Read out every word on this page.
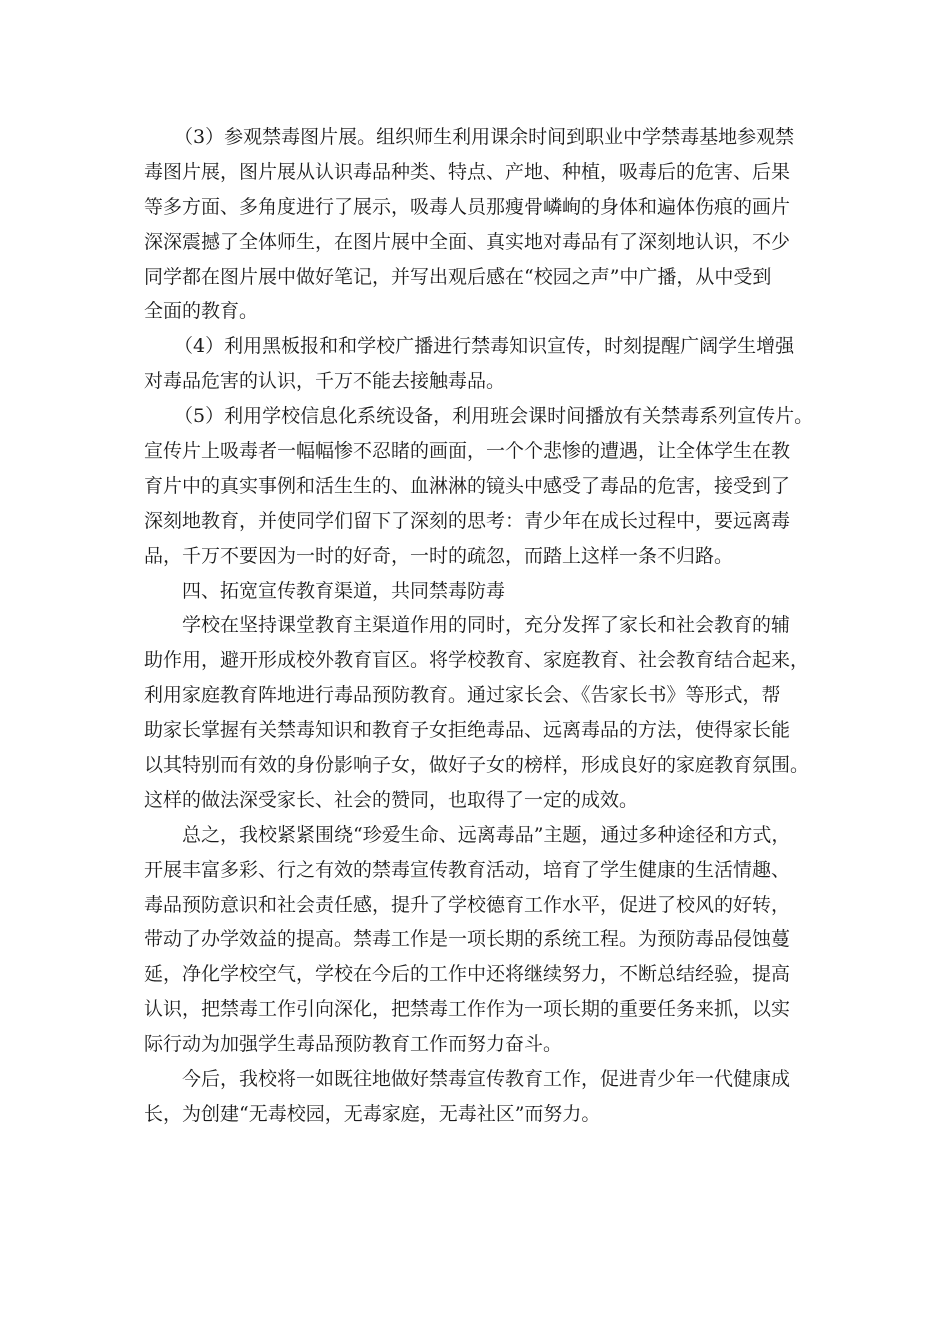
（3）参观禁毒图片展。组织师生利用课余时间到职业中学禁毒基地参观禁
毒图片展，图片展从认识毒品种类、特点、产地、种植，吸毒后的危害、后果
等多方面、多角度进行了展示，吸毒人员那瘦骨嶙峋的身体和遍体伤痕的画片
深深震撼了全体师生，在图片展中全面、真实地对毒品有了深刻地认识，不少
同学都在图片展中做好笔记，并写出观后感在“校园之声”中广播，从中受到
全面的教育。
（4）利用黑板报和和学校广播进行禁毒知识宣传，时刻提醒广阔学生增强
对毒品危害的认识，千万不能去接触毒品。
（5）利用学校信息化系统设备，利用班会课时间播放有关禁毒系列宣传片。
宣传片上吸毒者一幅幅惨不忍睹的画面，一个个悲惨的遭遇，让全体学生在教
育片中的真实事例和活生生的、血淋淋的镜头中感受了毒品的危害，接受到了
深刻地教育，并使同学们留下了深刻的思考：青少年在成长过程中，要远离毒
品，千万不要因为一时的好奇，一时的疏忽，而踏上这样一条不归路。
四、拓宽宣传教育渠道，共同禁毒防毒
学校在坚持课堂教育主渠道作用的同时，充分发挥了家长和社会教育的辅
助作用，避开形成校外教育盲区。将学校教育、家庭教育、社会教育结合起来，
利用家庭教育阵地进行毒品预防教育。通过家长会、《告家长书》等形式，帮
助家长掌握有关禁毒知识和教育子女拒绝毒品、远离毒品的方法，使得家长能
以其特别而有效的身份影响子女，做好子女的榜样，形成良好的家庭教育氛围。
这样的做法深受家长、社会的赞同，也取得了一定的成效。
总之，我校紧紧围绕“珍爱生命、远离毒品”主题，通过多种途径和方式，
开展丰富多彩、行之有效的禁毒宣传教育活动，培育了学生健康的生活情趣、
毒品预防意识和社会责任感，提升了学校德育工作水平，促进了校风的好转，
带动了办学效益的提高。禁毒工作是一项长期的系统工程。为预防毒品侵蚀蔓
延，净化学校空气，学校在今后的工作中还将继续努力，不断总结经验，提高
认识，把禁毒工作引向深化，把禁毒工作作为一项长期的重要任务来抓，以实
际行动为加强学生毒品预防教育工作而努力奋斗。
今后，我校将一如既往地做好禁毒宣传教育工作，促进青少年一代健康成
长，为创建“无毒校园，无毒家庭，无毒社区”而努力。
